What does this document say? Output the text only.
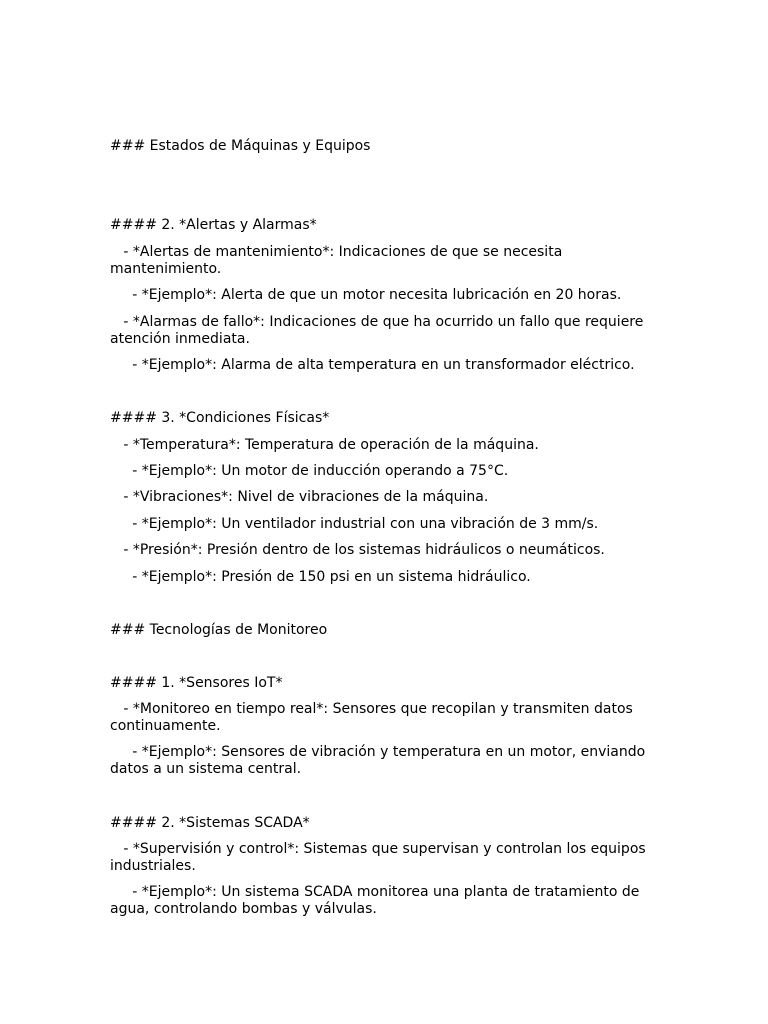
### Estados de Máquinas y Equipos

#### 2. *Alertas y Alarmas*

- *Alertas de mantenimiento*: Indicaciones de que se necesita mantenimiento.

- *Ejemplo*: Alerta de que un motor necesita lubricación en 20 horas.

- *Alarmas de fallo*: Indicaciones de que ha ocurrido un fallo que requiere atención inmediata.

- *Ejemplo*: Alarma de alta temperatura en un transformador eléctrico.

#### 3. *Condiciones Físicas*

- *Temperatura*: Temperatura de operación de la máquina.

- *Ejemplo*: Un motor de inducción operando a 75°C.

- *Vibraciones*: Nivel de vibraciones de la máquina.

- *Ejemplo*: Un ventilador industrial con una vibración de 3 mm/s.

- *Presión*: Presión dentro de los sistemas hidráulicos o neumáticos.

- *Ejemplo*: Presión de 150 psi en un sistema hidráulico.

### Tecnologías de Monitoreo

#### 1. *Sensores IoT*

- *Monitoreo en tiempo real*: Sensores que recopilan y transmiten datos continuamente.

- *Ejemplo*: Sensores de vibración y temperatura en un motor, enviando datos a un sistema central.

#### 2. *Sistemas SCADA*

- *Supervisión y control*: Sistemas que supervisan y controlan los equipos industriales.

- *Ejemplo*: Un sistema SCADA monitorea una planta de tratamiento de agua, controlando bombas y válvulas.
